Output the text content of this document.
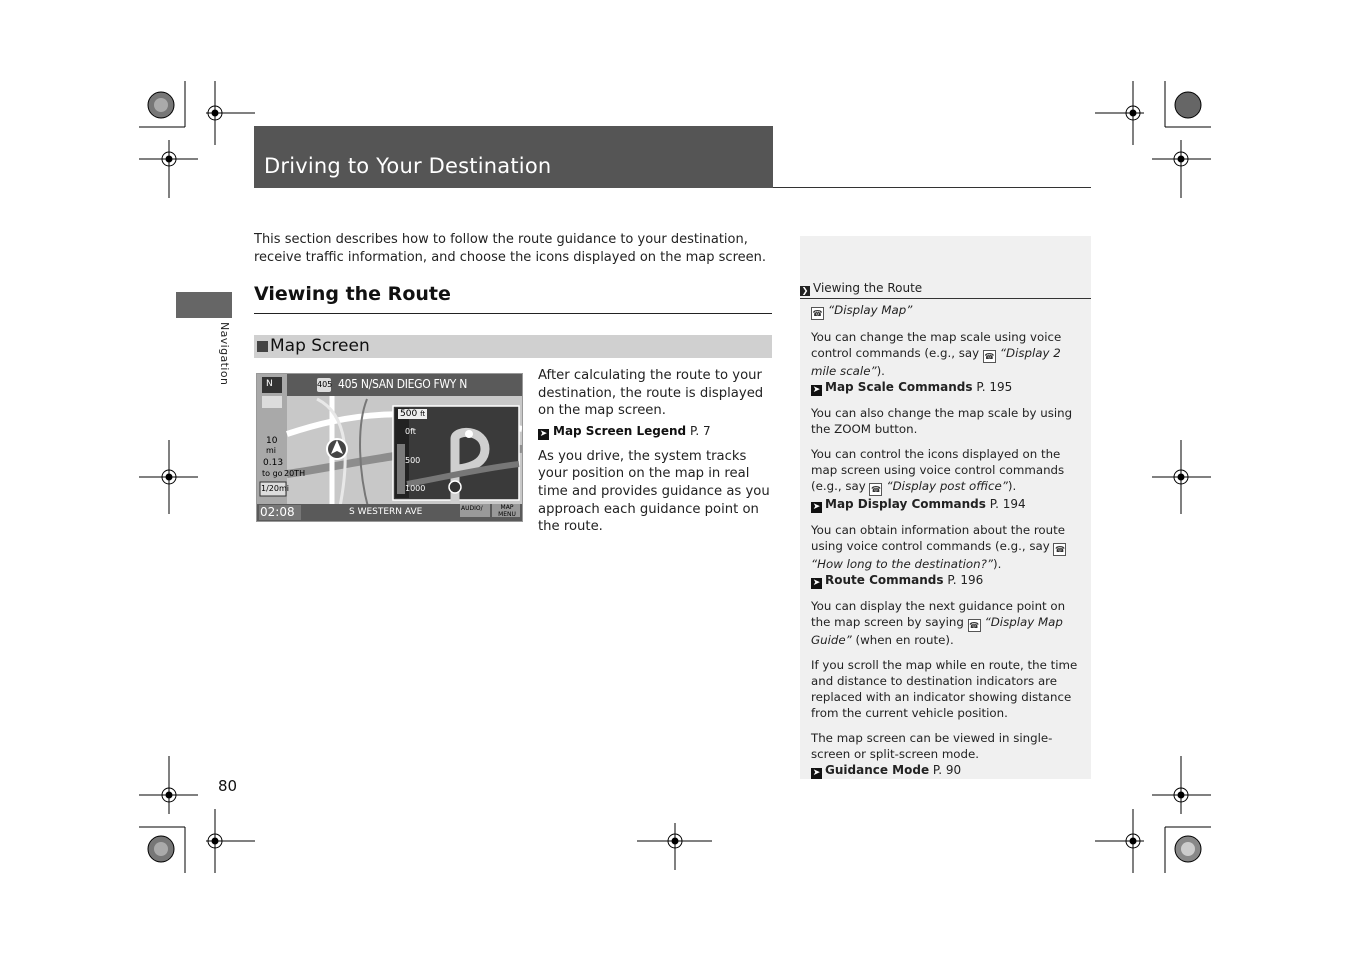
Driving to Your Destination
Navigation
This section describes how to follow the route guidance to your destination, receive traffic information, and choose the icons displayed on the map screen.
Viewing the Route
Map Screen
405 405 N/SAN DIEGO FWY N
N
10
mi
0.13
to go 20TH
1/20mi
500 ft
0ft
500
1000
02:08	S WESTERN AVE	AUDIO/	MAP MENU

After calculating the route to your destination, the route is displayed on the map screen.

➤ Map Screen Legend P. 7

As you drive, the system tracks your position on the map in real time and provides guidance as you approach each guidance point on the route.

❯ Viewing the Route

☎ “Display Map”

You can change the map scale using voice control commands (e.g., say ☎ “Display 2 mile scale”).
➤ Map Scale Commands P. 195

You can also change the map scale by using the ZOOM button.

You can control the icons displayed on the map screen using voice control commands (e.g., say ☎ “Display post office”).
➤ Map Display Commands P. 194

You can obtain information about the route using voice control commands (e.g., say ☎“How long to the destination?”).
➤ Route Commands P. 196

You can display the next guidance point on the map screen by saying ☎ “Display Map Guide” (when en route).

If you scroll the map while en route, the time and distance to destination indicators are replaced with an indicator showing distance from the current vehicle position.

The map screen can be viewed in single-screen or split-screen mode.
➤ Guidance Mode P. 90

80
